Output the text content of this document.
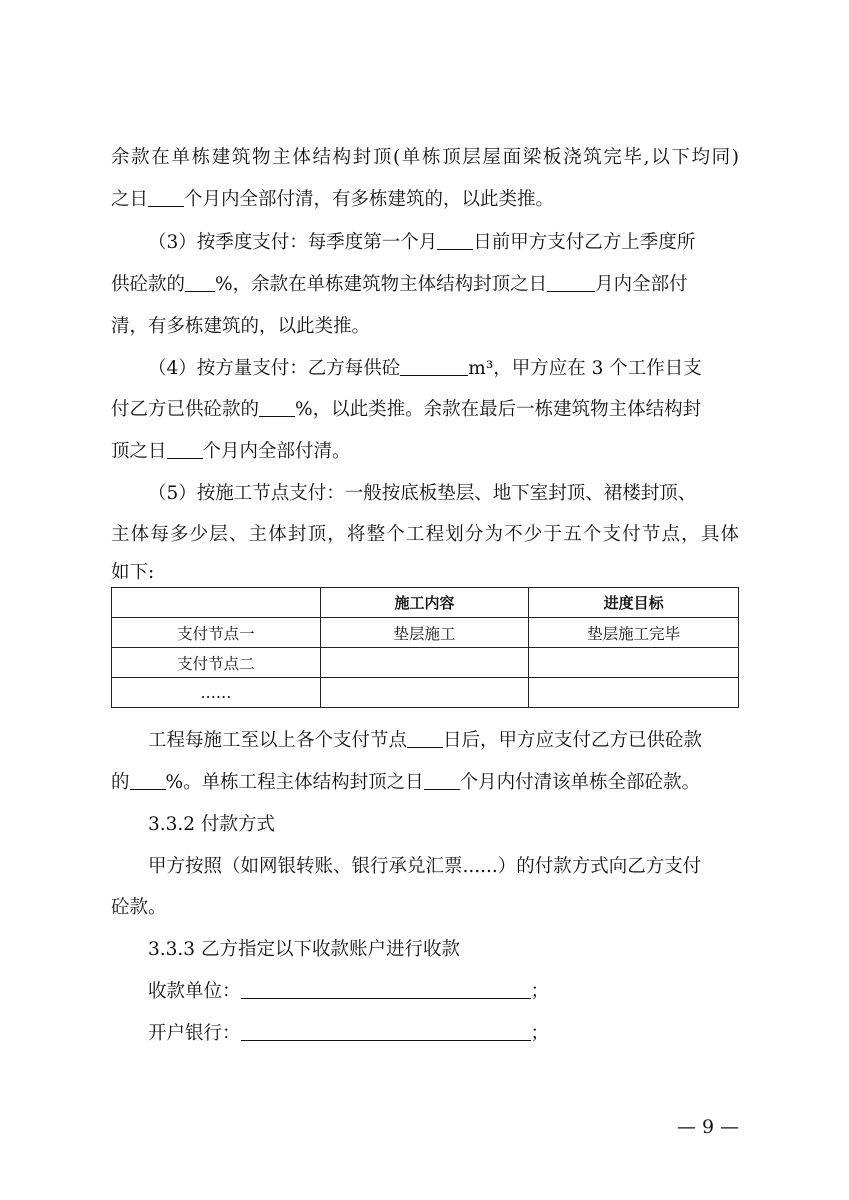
余款在单栋建筑物主体结构封顶(单栋顶层屋面梁板浇筑完毕,以下均同)
之日 个月内全部付清，有多栋建筑的，以此类推。
（3）按季度支付：每季度第一个月 日前甲方支付乙方上季度所
供砼款的 %，余款在单栋建筑物主体结构封顶之日	月内全部付
清，有多栋建筑的，以此类推。
（4）按方量支付：乙方每供砼	m³，甲方应在 3 个工作日支
付乙方已供砼款的 %，以此类推。余款在最后一栋建筑物主体结构封
顶之日 个月内全部付清。
（5）按施工节点支付：一般按底板垫层、地下室封顶、裙楼封顶、
主体每多少层、主体封顶，将整个工程划分为不少于五个支付节点，具体
如下:
	施工内容	进度目标
支付节点一	垫层施工	垫层施工完毕
支付节点二		
……		
工程每施工至以上各个支付节点 日后，甲方应支付乙方已供砼款
的 %。单栋工程主体结构封顶之日 个月内付清该单栋全部砼款。
3.3.2 付款方式
甲方按照（如网银转账、银行承兑汇票......）的付款方式向乙方支付
砼款。
3.3.3 乙方指定以下收款账户进行收款
收款单位：	；
开户银行：	；
— 9 —
